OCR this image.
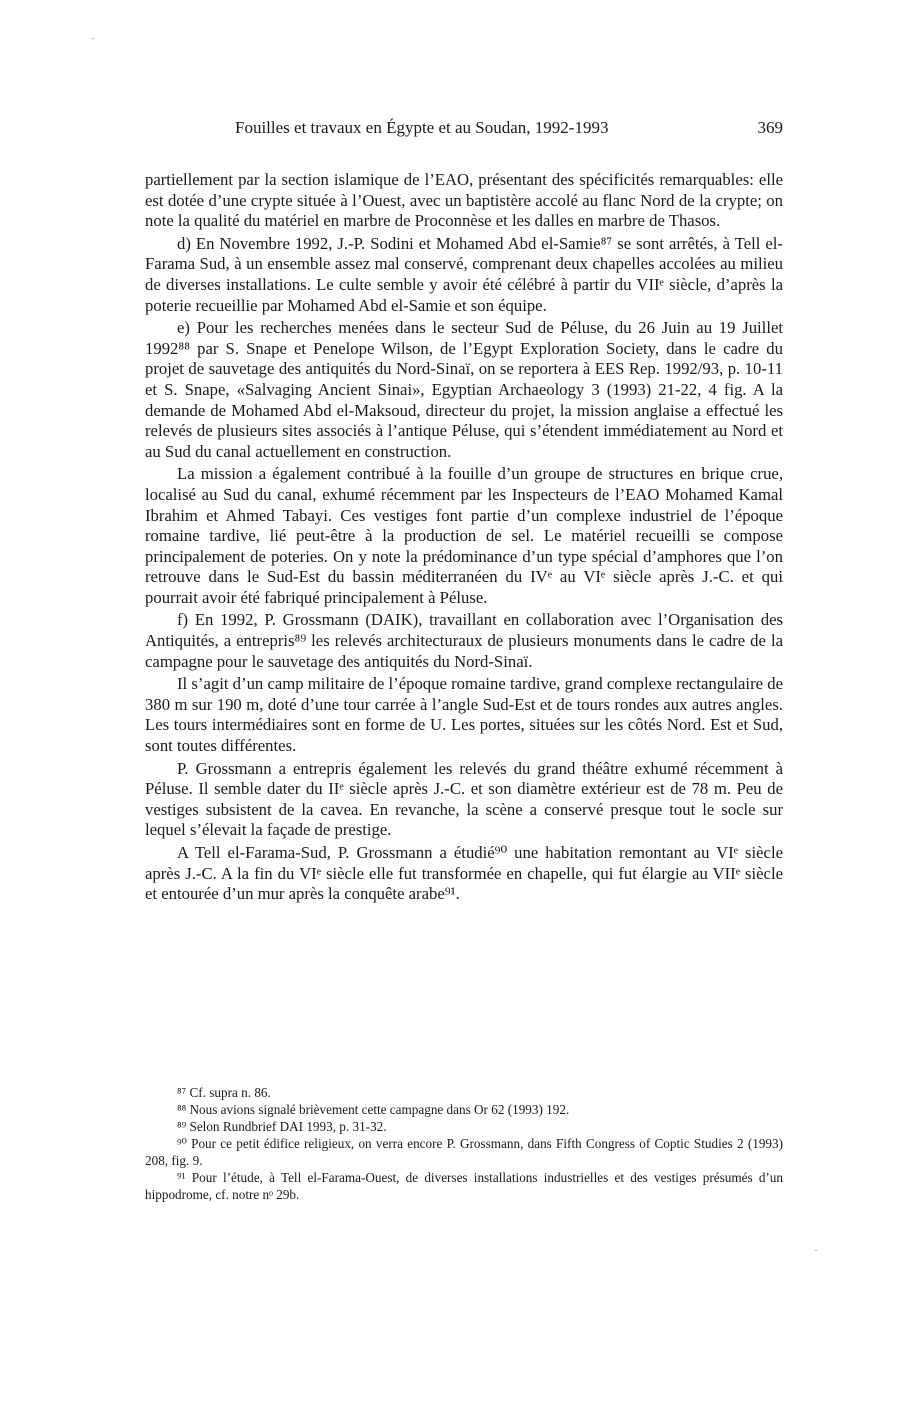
Fouilles et travaux en Égypte et au Soudan, 1992-1993	369

partiellement par la section islamique de l’EAO, présentant des spécificités remarquables: elle est dotée d’une crypte située à l’Ouest, avec un baptistère accolé au flanc Nord de la crypte; on note la qualité du matériel en marbre de Proconnèse et les dalles en marbre de Thasos.

d) En Novembre 1992, J.-P. Sodini et Mohamed Abd el-Samie⁸⁷ se sont arrêtés, à Tell el-Farama Sud, à un ensemble assez mal conservé, comprenant deux chapelles accolées au milieu de diverses installations. Le culte semble y avoir été célébré à partir du VIIᵉ siècle, d’après la poterie recueillie par Mohamed Abd el-Samie et son équipe.

e) Pour les recherches menées dans le secteur Sud de Péluse, du 26 Juin au 19 Juillet 1992⁸⁸ par S. Snape et Penelope Wilson, de l’Egypt Exploration Society, dans le cadre du projet de sauvetage des antiquités du Nord-Sinaï, on se reportera à EES Rep. 1992/93, p. 10-11 et S. Snape, «Salvaging Ancient Sinai», Egyptian Archaeology 3 (1993) 21-22, 4 fig. A la demande de Mohamed Abd el-Maksoud, directeur du projet, la mission anglaise a effectué les relevés de plusieurs sites associés à l’antique Péluse, qui s’étendent immédiatement au Nord et au Sud du canal actuellement en construction.

La mission a également contribué à la fouille d’un groupe de structures en brique crue, localisé au Sud du canal, exhumé récemment par les Inspecteurs de l’EAO Mohamed Kamal Ibrahim et Ahmed Tabayi. Ces vestiges font partie d’un complexe industriel de l’époque romaine tardive, lié peut-être à la production de sel. Le matériel recueilli se compose principalement de poteries. On y note la prédominance d’un type spécial d’amphores que l’on retrouve dans le Sud-Est du bassin méditerranéen du IVᵉ au VIᵉ siècle après J.-C. et qui pourrait avoir été fabriqué principalement à Péluse.

f) En 1992, P. Grossmann (DAIK), travaillant en collaboration avec l’Organisation des Antiquités, a entrepris⁸⁹ les relevés architecturaux de plusieurs monuments dans le cadre de la campagne pour le sauvetage des antiquités du Nord-Sinaï.

Il s’agit d’un camp militaire de l’époque romaine tardive, grand complexe rectangulaire de 380 m sur 190 m, doté d’une tour carrée à l’angle Sud-Est et de tours rondes aux autres angles. Les tours intermédiaires sont en forme de U. Les portes, situées sur les côtés Nord. Est et Sud, sont toutes différentes.

P. Grossmann a entrepris également les relevés du grand théâtre exhumé récemment à Péluse. Il semble dater du IIᵉ siècle après J.-C. et son diamètre extérieur est de 78 m. Peu de vestiges subsistent de la cavea. En revanche, la scène a conservé presque tout le socle sur lequel s’élevait la façade de prestige.

A Tell el-Farama-Sud, P. Grossmann a étudié⁹⁰ une habitation remontant au VIᵉ siècle après J.-C. A la fin du VIᵉ siècle elle fut transformée en chapelle, qui fut élargie au VIIᵉ siècle et entourée d’un mur après la conquête arabe⁹¹.

⁸⁷ Cf. supra n. 86.

⁸⁸ Nous avions signalé brièvement cette campagne dans Or 62 (1993) 192.

⁸⁹ Selon Rundbrief DAI 1993, p. 31-32.

⁹⁰ Pour ce petit édifice religieux, on verra encore P. Grossmann, dans Fifth Congress of Coptic Studies 2 (1993) 208, fig. 9.

⁹¹ Pour l’étude, à Tell el-Farama-Ouest, de diverses installations industrielles et des vestiges présumés d’un hippodrome, cf. notre nᵒ 29b.
